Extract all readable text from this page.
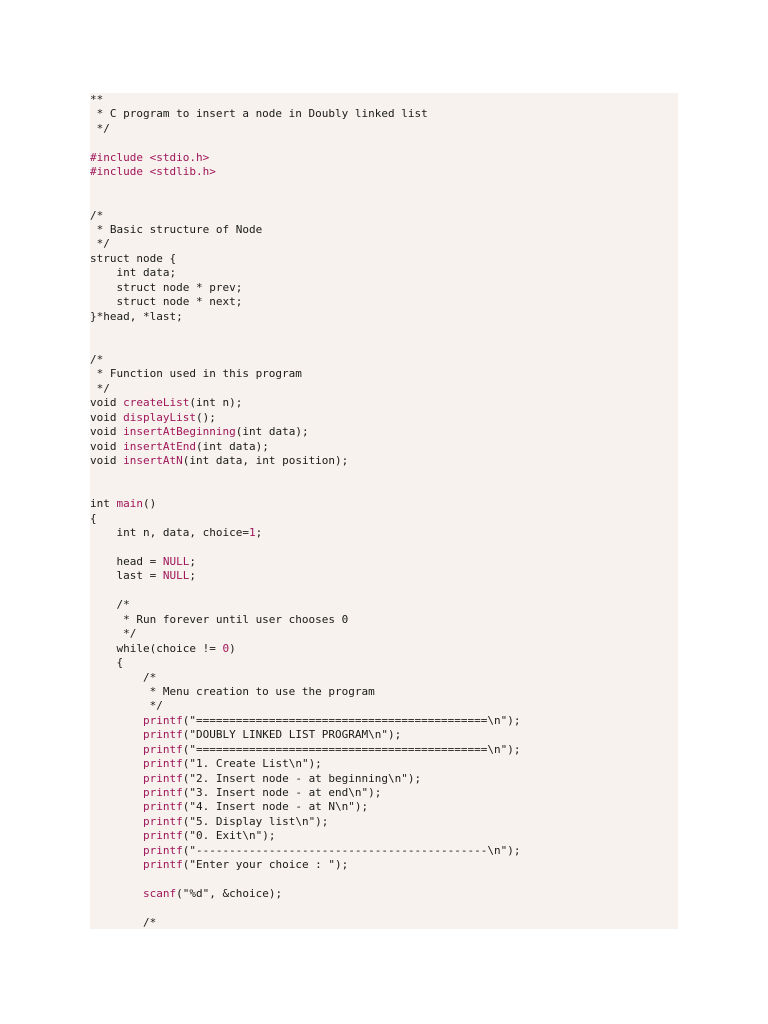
**
* C program to insert a node in Doubly linked list
*/
#include <stdio.h>
#include <stdlib.h>
/*
* Basic structure of Node
*/
struct node {
int data;
struct node * prev;
struct node * next;
}*head, *last;
/*
* Function used in this program
*/
void createList(int n);
void displayList();
void insertAtBeginning(int data);
void insertAtEnd(int data);
void insertAtN(int data, int position);
int main()
{
int n, data, choice=1;
head = NULL;
last = NULL;
/*
* Run forever until user chooses 0
*/
while(choice != 0)
{
/*
* Menu creation to use the program
*/
printf("============================================\n");
printf("DOUBLY LINKED LIST PROGRAM\n");
printf("============================================\n");
printf("1. Create List\n");
printf("2. Insert node - at beginning\n");
printf("3. Insert node - at end\n");
printf("4. Insert node - at N\n");
printf("5. Display list\n");
printf("0. Exit\n");
printf("--------------------------------------------\n");
printf("Enter your choice : ");
scanf("%d", &choice);
/*
